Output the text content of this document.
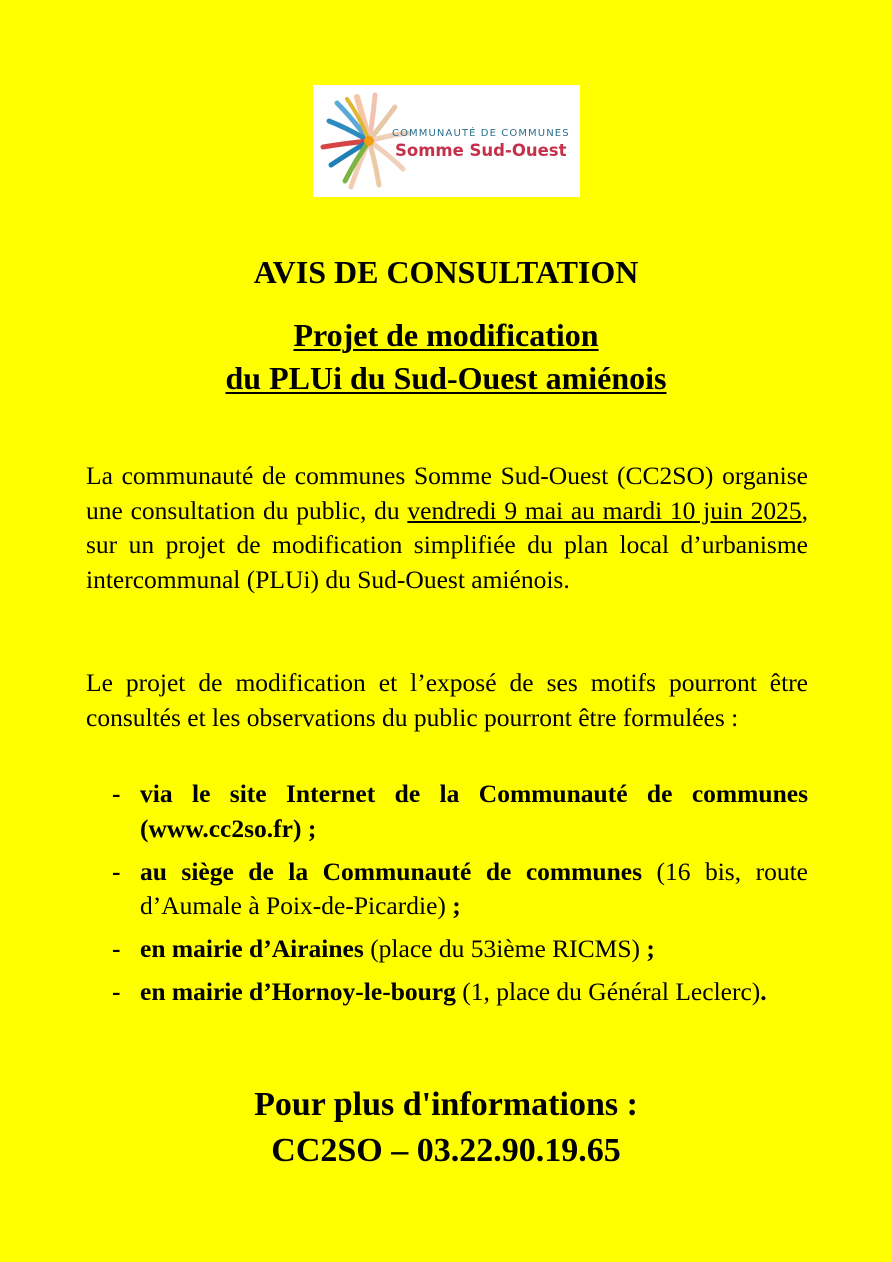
COMMUNAUTÉ DE COMMUNES
Somme Sud-Ouest
AVIS DE CONSULTATION
Projet de modification
du PLUi du Sud-Ouest amiénois

La communauté de communes Somme Sud-Ouest (CC2SO) organise une consultation du public, du vendredi 9 mai au mardi 10 juin 2025, sur un projet de modification simplifiée du plan local d’urbanisme intercommunal (PLUi) du Sud-Ouest amiénois.

Le projet de modification et l’exposé de ses motifs pourront être consultés et les observations du public pourront être formulées :

- via le site Internet de la Communauté de communes (www.cc2so.fr) ;
- au siège de la Communauté de communes (16 bis, route d’Aumale à Poix-de-Picardie) ;
- en mairie d’Airaines (place du 53ième RICMS) ;
- en mairie d’Hornoy-le-bourg (1, place du Général Leclerc).
Pour plus d'informations :
CC2SO – 03.22.90.19.65
